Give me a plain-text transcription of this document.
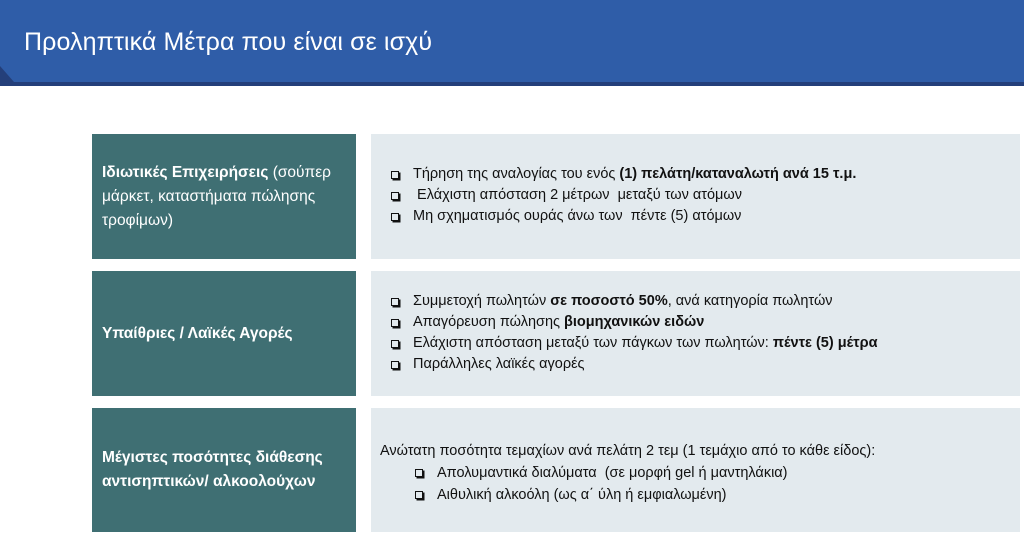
Προληπτικά Μέτρα που είναι σε ισχύ
Ιδιωτικές Επιχειρήσεις (σούπερ μάρκετ, καταστήματα πώλησης τροφίμων)
Τήρηση της αναλογίας του ενός (1) πελάτη/καταναλωτή ανά 15 τ.μ.
Ελάχιστη απόσταση 2 μέτρων  μεταξύ των ατόμων
Μη σχηματισμός ουράς άνω των  πέντε (5) ατόμων
Υπαίθριες / Λαϊκές Αγορές
Συμμετοχή πωλητών σε ποσοστό 50% , ανά κατηγορία πωλητών
Απαγόρευση πώλησης βιομηχανικών ειδών
Ελάχιστη απόσταση μεταξύ των πάγκων των πωλητών: πέντε (5) μέτρα
Παράλληλες λαϊκές αγορές
Μέγιστες ποσότητες διάθεσης αντισηπτικών/ αλκοολούχων
Ανώτατη ποσότητα τεμαχίων ανά πελάτη 2 τεμ (1 τεμάχιο από το κάθε είδος):
Απολυμαντικά διαλύματα  (σε μορφή gel ή μαντηλάκια)
Αιθυλική αλκοόλη (ως α΄ ύλη ή εμφιαλωμένη)
